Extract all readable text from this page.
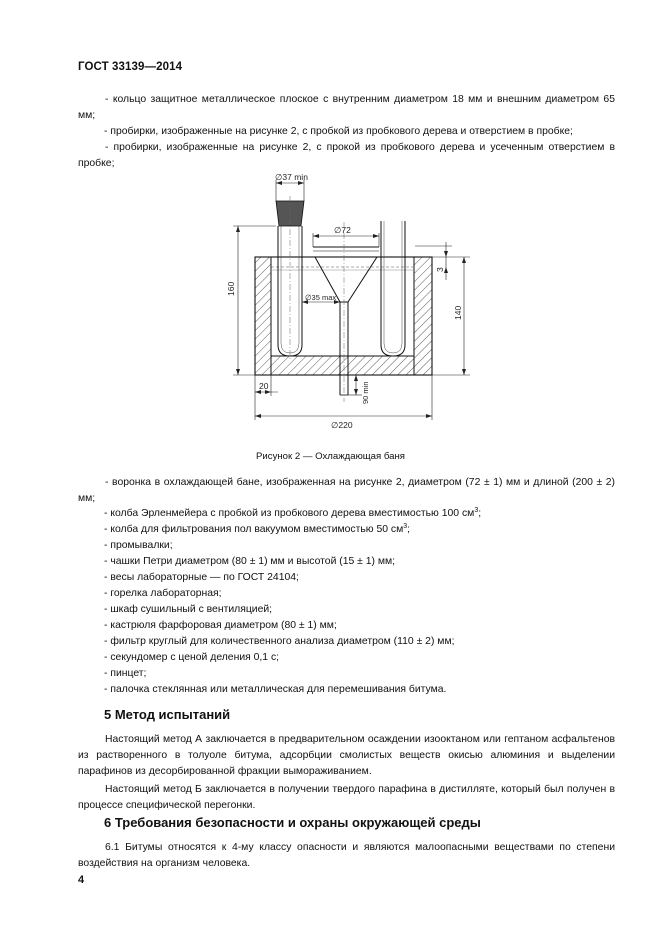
ГОСТ 33139—2014
- кольцо защитное металлическое плоское с внутренним диаметром 18 мм и внешним диаметром 65 мм;
- пробирки, изображенные на рисунке 2, с пробкой из пробкового дерева и отверстием в пробке;
- пробирки, изображенные на рисунке 2, с прокой из пробкового дерева и усеченным отверстием в пробке;
∅37 min
∅72
∅35 max
160
140
3
20	90 min
∅220
Рисунок 2 — Охлаждающая баня
- воронка в охлаждающей бане, изображенная на рисунке 2, диаметром (72 ± 1) мм и длиной (200 ± 2) мм;
- колба Эрленмейера с пробкой из пробкового дерева вместимостью 100 $см^3$;
- колба для фильтрования пол вакуумом вместимостью 50 $см^3$;
- промывалки;
- чашки Петри диаметром (80 ± 1) мм и высотой (15 ± 1) мм;
- весы лабораторные — по ГОСТ 24104;
- горелка лабораторная;
- шкаф сушильный с вентиляцией;
- кастрюля фарфоровая диаметром (80 ± 1) мм;
- фильтр круглый для количественного анализа диаметром (110 ± 2) мм;
- секундомер с ценой деления 0,1 с;
- пинцет;
- палочка стеклянная или металлическая для перемешивания битума.
5 Метод испытаний
Настоящий метод А заключается в предварительном осаждении изооктаном или гептаном асфальтенов из растворенного в толуоле битума, адсорбции смолистых веществ окисью алюминия и выделении парафинов из десорбированной фракции вымораживанием.
Настоящий метод Б заключается в получении твердого парафина в дистилляте, который был получен в процессе специфической перегонки.
6 Требования безопасности и охраны окружающей среды
6.1 Битумы относятся к 4-му классу опасности и являются малоопасными веществами по степени воздействия на организм человека.
4
